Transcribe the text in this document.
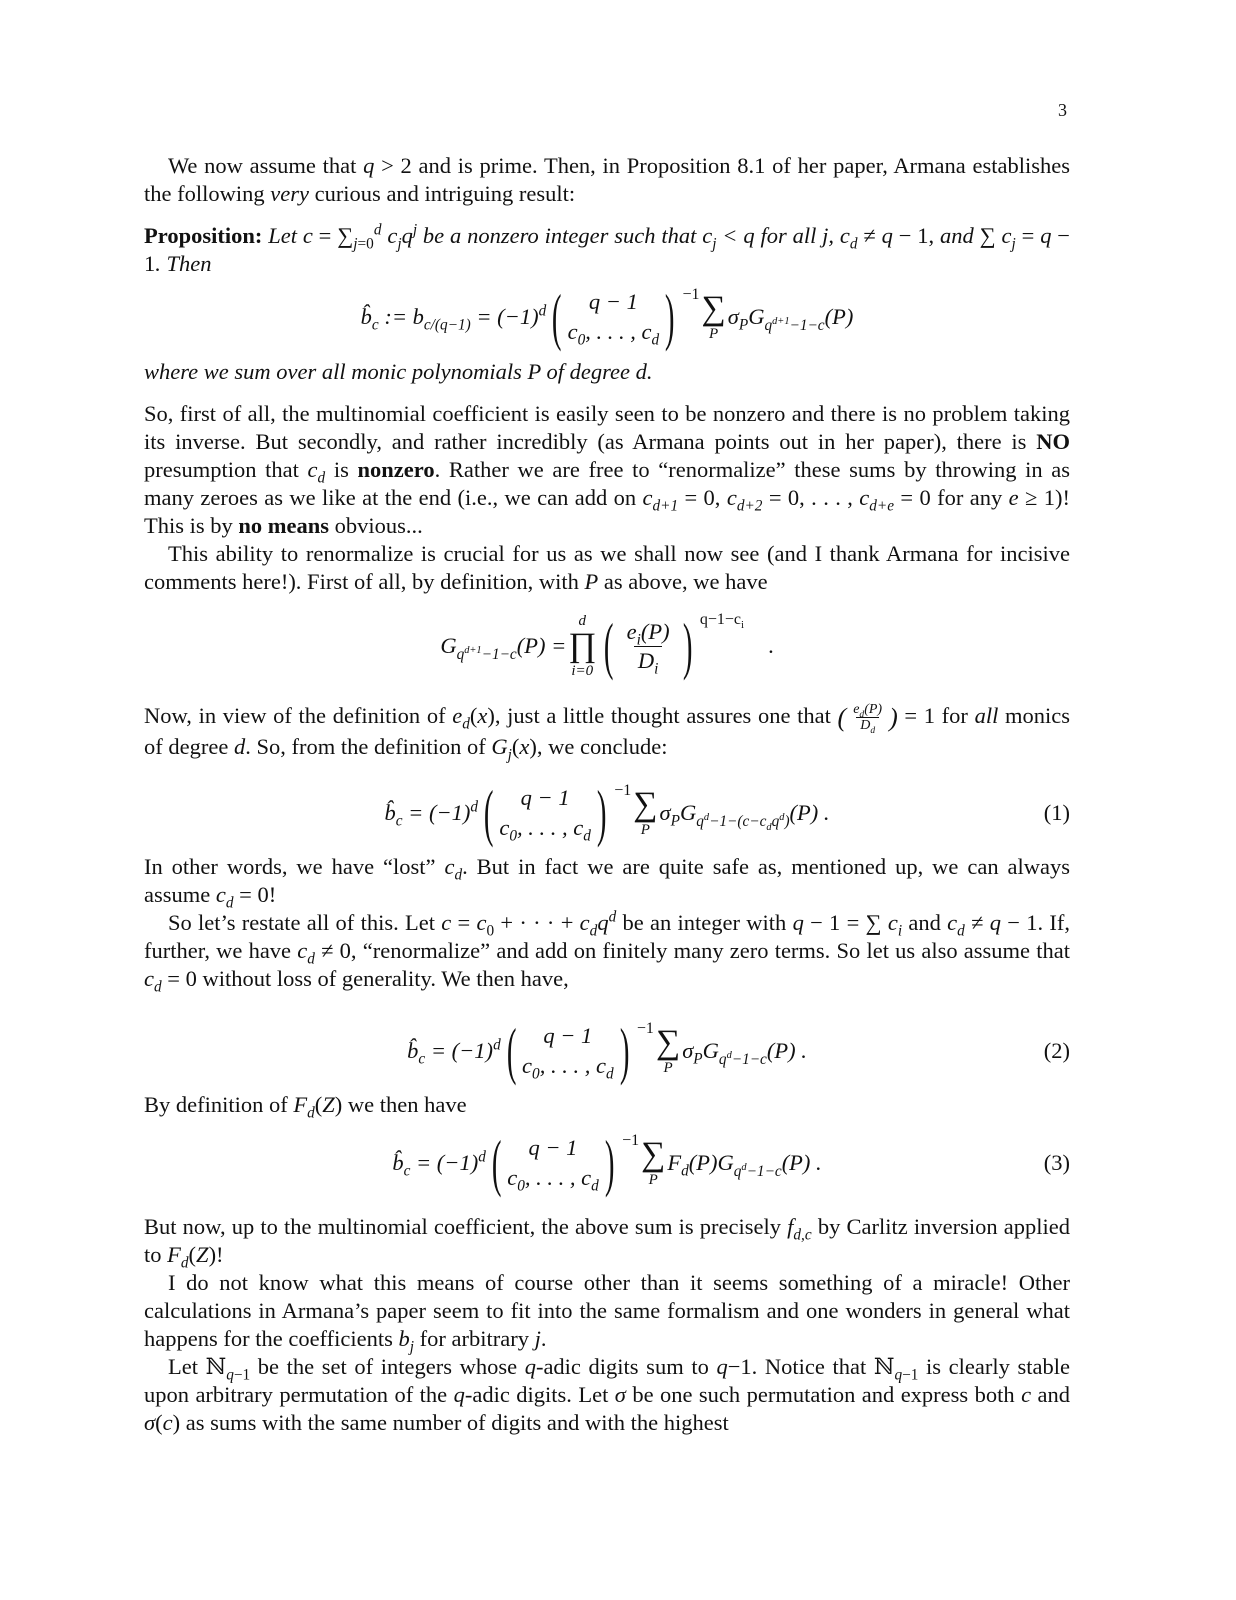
3

We now assume that q > 2 and is prime. Then, in Proposition 8.1 of her paper, Armana establishes the following very curious and intriguing result:

Proposition: Let $c = \sum_{j=0}^d$ $c_jq^j$ be a nonzero integer such that $c_j < q$ for all j, $c_d \ne q - 1$, and ∑ $c_j = q - 1$. Then

$b̂_c$ := $b_{c/(q-1)} = (-1)^d$ ( q − 1
$c_0$, . . . , $c_d$ ) −1 ∑
P
$\sigma_PG_{q^{d+1}-1-c}(P)$

where we sum over all monic polynomials P of degree d.

So, first of all, the multinomial coefficient is easily seen to be nonzero and there is no problem taking its inverse. But secondly, and rather incredibly (as Armana points out in her paper), there is NO presumption that $c_d$ is nonzero. Rather we are free to “renormalize” these sums by throwing in as many zeroes as we like at the end (i.e., we can add on $c_{d+1} = 0$, $c_{d+2} = 0$, . . . , $c_{d+e} = 0$ for any e ≥ 1)! This is by no means obvious...

This ability to renormalize is crucial for us as we shall now see (and I thank Armana for incisive comments here!). First of all, by definition, with P as above, we have

$G_{q^{d+1}-1-c}(P)$ =
d
∏
i=0 ( $\frac{e_i(P)}{D_i}$ ) $q-1-c_i$
.

Now, in view of the definition of $e_d(x)$, just a little thought assures one that ( $\frac{e_d(P)}{D_d}$ ) = 1 for all monics of degree d. So, from the definition of $G_j(x)$, we conclude:

$b̂_c = (-1)^d$ ( q − 1
$c_0$, . . . , $c_d$ ) −1 ∑
P
$\sigma_PG_{q^d-1-(c-c_dq^d)}(P)$ .	(1)

In other words, we have “lost” $c_d$. But in fact we are quite safe as, mentioned up, we can always assume $c_d = 0$!

So let’s restate all of this. Let $c = c_0$ + · · · + $c_dq^d$ be an integer with q − 1 = ∑ $c_i$ and $c_d \ne q - 1$. If, further, we have $c_d \ne 0$, “renormalize” and add on finitely many zero terms. So let us also assume that $c_d = 0$ without loss of generality. We then have,

$b̂_c = (-1)^d$ ( q − 1
$c_0$, . . . , $c_d$ ) −1 ∑
P
$\sigma_PG_{q^d-1-c}(P)$ .	(2)

By definition of $F_d(Z)$ we then have

$b̂_c = (-1)^d$ ( q − 1
$c_0$, . . . , $c_d$ ) −1 ∑
P
$F_d(P)G_{q^d-1-c}(P)$ .	(3)

But now, up to the multinomial coefficient, the above sum is precisely $f_{d,c}$ by Carlitz inversion applied to $F_d(Z)$!

I do not know what this means of course other than it seems something of a miracle! Other calculations in Armana’s paper seem to fit into the same formalism and one wonders in general what happens for the coefficients $b_j$ for arbitrary j.

Let ℕ$_{q-1}$ be the set of integers whose q-adic digits sum to q−1. Notice that ℕ$_{q-1}$ is clearly stable upon arbitrary permutation of the q-adic digits. Let σ be one such permutation and express both c and σ(c) as sums with the same number of digits and with the highest
